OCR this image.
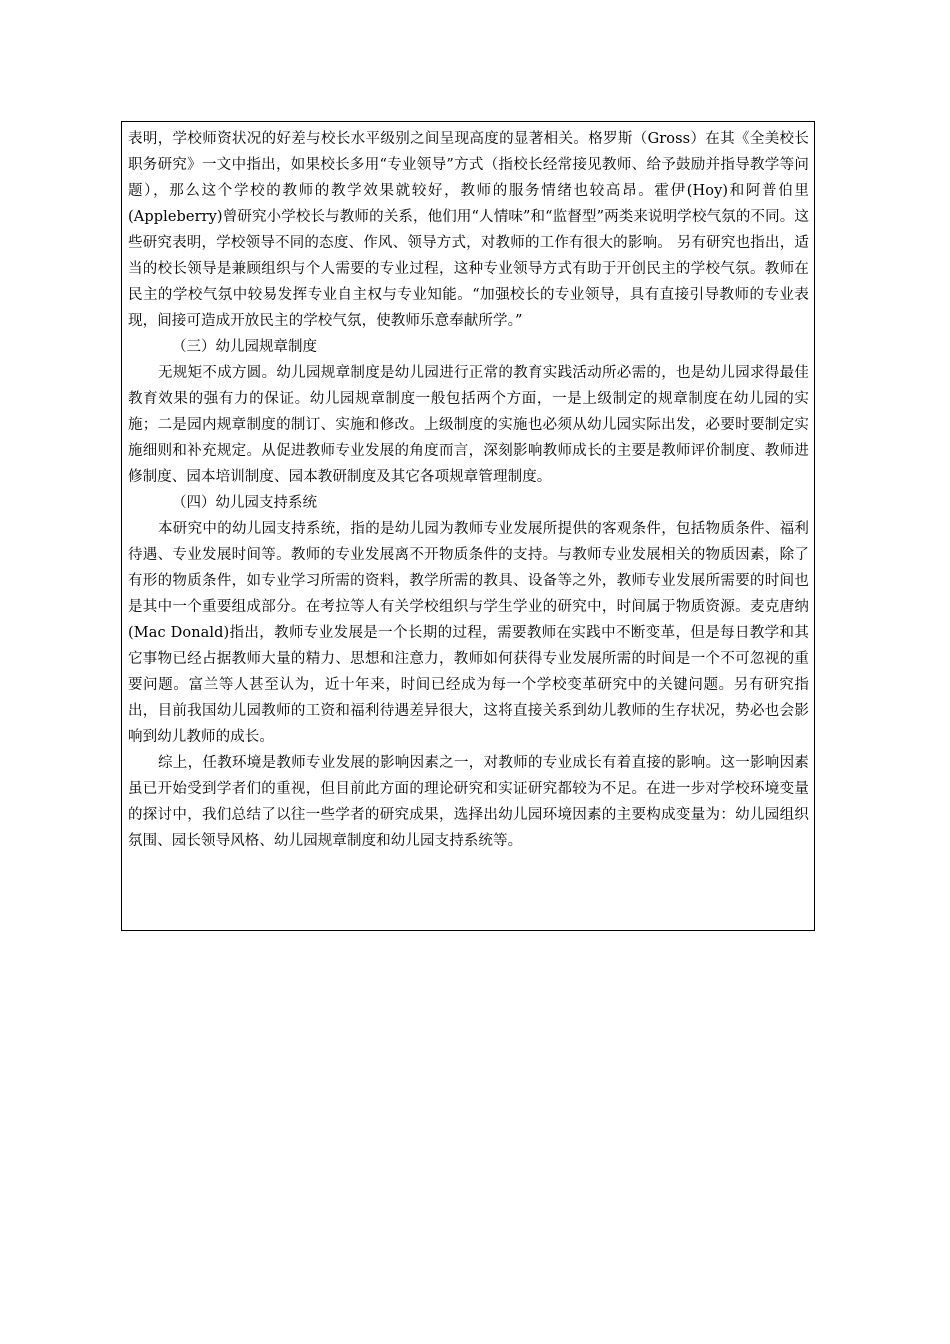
表明，学校师资状况的好差与校长水平级别之间呈现高度的显著相关。格罗斯（Gross）在其《全美校长职务研究》一文中指出，如果校长多用“专业领导”方式（指校长经常接见教师、给予鼓励并指导教学等问题），那么这个学校的教师的教学效果就较好，教师的服务情绪也较高昂。霍伊(Hoy)和阿普伯里(Appleberry)曾研究小学校长与教师的关系，他们用“人情味”和“监督型”两类来说明学校气氛的不同。这些研究表明，学校领导不同的态度、作风、领导方式，对教师的工作有很大的影响。 另有研究也指出，适当的校长领导是兼顾组织与个人需要的专业过程，这种专业领导方式有助于开创民主的学校气氛。教师在民主的学校气氛中较易发挥专业自主权与专业知能。“加强校长的专业领导，具有直接引导教师的专业表现，间接可造成开放民主的学校气氛，使教师乐意奉献所学。”

（三）幼儿园规章制度

无规矩不成方圆。幼儿园规章制度是幼儿园进行正常的教育实践活动所必需的，也是幼儿园求得最佳教育效果的强有力的保证。幼儿园规章制度一般包括两个方面，一是上级制定的规章制度在幼儿园的实施；二是园内规章制度的制订、实施和修改。上级制度的实施也必须从幼儿园实际出发，必要时要制定实施细则和补充规定。从促进教师专业发展的角度而言，深刻影响教师成长的主要是教师评价制度、教师进修制度、园本培训制度、园本教研制度及其它各项规章管理制度。

（四）幼儿园支持系统

本研究中的幼儿园支持系统，指的是幼儿园为教师专业发展所提供的客观条件，包括物质条件、福利待遇、专业发展时间等。教师的专业发展离不开物质条件的支持。与教师专业发展相关的物质因素，除了有形的物质条件，如专业学习所需的资料，教学所需的教具、设备等之外，教师专业发展所需要的时间也是其中一个重要组成部分。在考拉等人有关学校组织与学生学业的研究中，时间属于物质资源。麦克唐纳(Mac Donald)指出，教师专业发展是一个长期的过程，需要教师在实践中不断变革，但是每日教学和其它事物已经占据教师大量的精力、思想和注意力，教师如何获得专业发展所需的时间是一个不可忽视的重要问题。富兰等人甚至认为，近十年来，时间已经成为每一个学校变革研究中的关键问题。另有研究指出，目前我国幼儿园教师的工资和福利待遇差异很大，这将直接关系到幼儿教师的生存状况，势必也会影响到幼儿教师的成长。

综上，任教环境是教师专业发展的影响因素之一，对教师的专业成长有着直接的影响。这一影响因素虽已开始受到学者们的重视，但目前此方面的理论研究和实证研究都较为不足。在进一步对学校环境变量的探讨中，我们总结了以往一些学者的研究成果，选择出幼儿园环境因素的主要构成变量为：幼儿园组织氛围、园长领导风格、幼儿园规章制度和幼儿园支持系统等。
